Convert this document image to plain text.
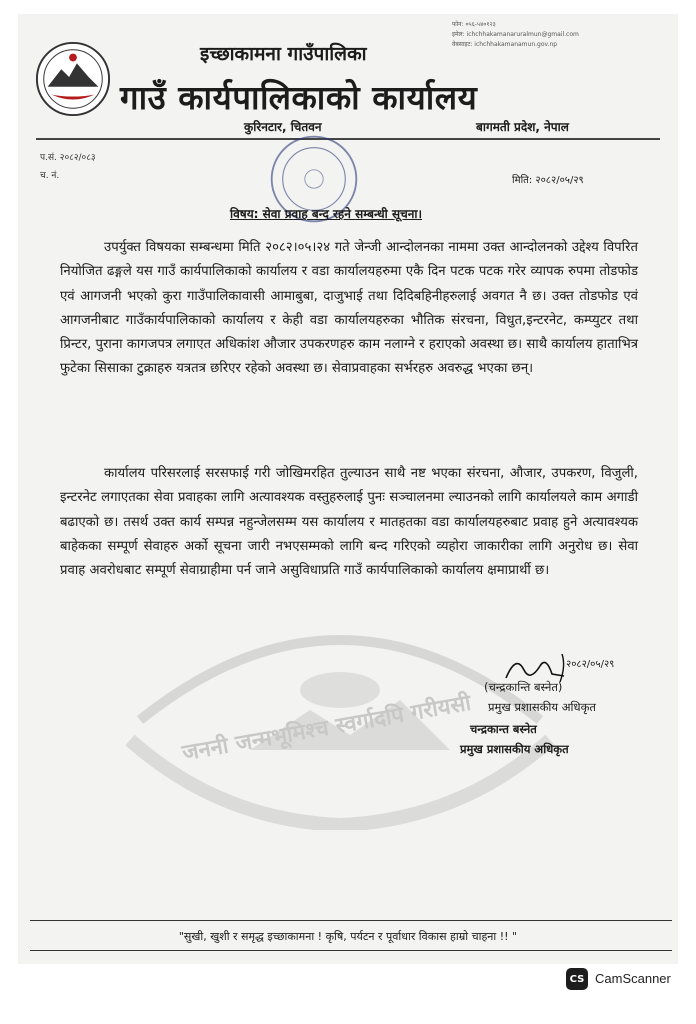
फोन: ०५६-५४०१२३
इमेल: ichchhakamanaruralmun@gmail.com
वेबसाइट: ichchhakamanamun.gov.np
इच्छाकामना गाउँपालिका
गाउँ कार्यपालिकाको कार्यालय
कुरिनटार, चितवन	बागमती प्रदेश, नेपाल
प.सं. २०८२/०८३
च. नं.	मिति: २०८२/०५/२९
विषय: सेवा प्रवाह बन्द रहने सम्बन्धी सूचना।
जननी जन्मभूमिश्च स्वर्गादपि गरीयसी
उपर्युक्त विषयका सम्बन्धमा मिति २०८२।०५।२४ गते जेन्जी आन्दोलनका नाममा उक्त आन्दोलनको उद्देश्य विपरित नियोजित ढङ्गले यस गाउँ कार्यपालिकाको कार्यालय र वडा कार्यालयहरुमा एकै दिन पटक पटक गरेर व्यापक रुपमा तोडफोड एवं आगजनी भएको कुरा गाउँपालिकावासी आमाबुबा, दाजुभाई तथा दिदिबहिनीहरुलाई अवगत नै छ। उक्त तोडफोड एवं आगजनीबाट गाउँकार्यपालिकाको कार्यालय र केही वडा कार्यालयहरुका भौतिक संरचना, विधुत,इन्टरनेट, कम्प्युटर तथा प्रिन्टर, पुराना कागजपत्र लगाएत अधिकांश औजार उपकरणहरु काम नलाग्ने र हराएको अवस्था छ। साथै कार्यालय हाताभित्र फुटेका सिसाका टुक्राहरु यत्रतत्र छरिएर रहेको अवस्था छ। सेवाप्रवाहका सर्भरहरु अवरुद्ध भएका छन्।
कार्यालय परिसरलाई सरसफाई गरी जोखिमरहित तुल्याउन साथै नष्ट भएका संरचना, औजार, उपकरण, विजुली, इन्टरनेट लगाएतका सेवा प्रवाहका लागि अत्यावश्यक वस्तुहरुलाई पुनः सञ्चालनमा ल्याउनको लागि कार्यालयले काम अगाडी बढाएको छ। तसर्थ उक्त कार्य सम्पन्न नहुन्जेलसम्म यस कार्यालय र मातहतका वडा कार्यालयहरुबाट प्रवाह हुने अत्यावश्यक बाहेकका सम्पूर्ण सेवाहरु अर्को सूचना जारी नभएसम्मको लागि बन्द गरिएको व्यहोरा जाकारीका लागि अनुरोध छ। सेवा प्रवाह अवरोधबाट सम्पूर्ण सेवाग्राहीमा पर्न जाने असुविधाप्रति गाउँ कार्यपालिकाको कार्यालय क्षमाप्रार्थी छ।
२०८२/०५/२९
(चन्द्रकान्ति बस्नेत)
प्रमुख प्रशासकीय अधिकृत
चन्द्रकान्त बस्नेत
प्रमुख प्रशासकीय अधिकृत
"सुखी, खुशी र समृद्ध इच्छाकामना ! कृषि, पर्यटन र पूर्वाधार विकास हाम्रो चाहना !! "
CS CamScanner
